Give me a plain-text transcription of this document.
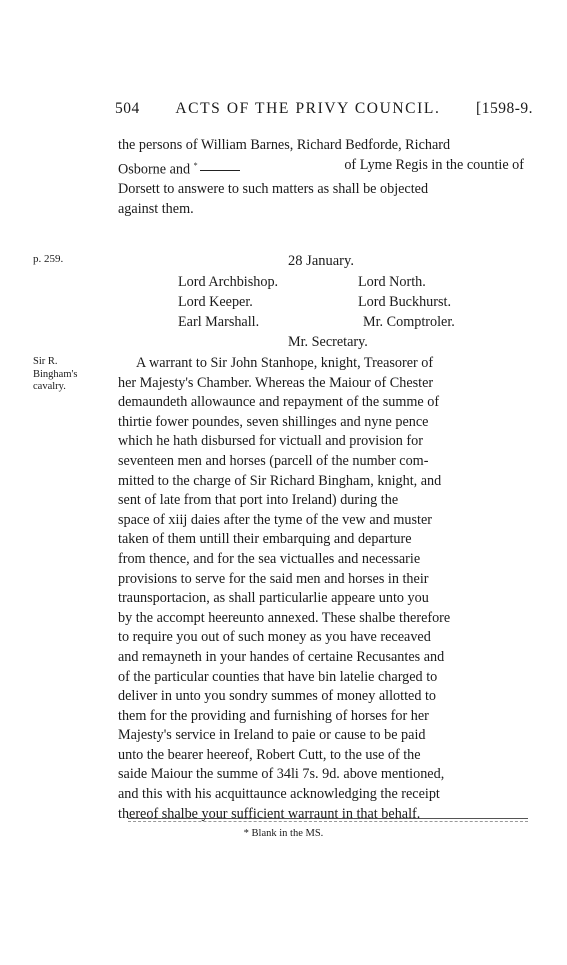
504 ACTS OF THE PRIVY COUNCIL. [1598-9.
the persons of William Barnes, Richard Bedforde, Richard
Osborne and *	of Lyme Regis in the countie of
Dorsett to answere to such matters as shall be objected
against them.
p. 259.	28 January.
Lord Archbishop.	Lord North.
Lord Keeper.	Lord Buckhurst.
Earl Marshall.	Mr. Comptroler.
Mr. Secretary.
Sir R.
Bingham's
cavalry.
A warrant to Sir John Stanhope, knight, Treasorer of
her Majesty's Chamber. Whereas the Maiour of Chester
demaundeth allowaunce and repayment of the summe of
thirtie fower poundes, seven shillinges and nyne pence
which he hath disbursed for victuall and provision for
seventeen men and horses (parcell of the number com-
mitted to the charge of Sir Richard Bingham, knight, and
sent of late from that port into Ireland) during the
space of xiij daies after the tyme of the vew and muster
taken of them untill their embarquing and departure
from thence, and for the sea victualles and necessarie
provisions to serve for the said men and horses in their
traunsportacion, as shall particularlie appeare unto you
by the accompt heereunto annexed. These shalbe therefore
to require you out of such money as you have receaved
and remayneth in your handes of certaine Recusantes and
of the particular counties that have bin latelie charged to
deliver in unto you sondry summes of money allotted to
them for the providing and furnishing of horses for her
Majesty's service in Ireland to paie or cause to be paid
unto the bearer heereof, Robert Cutt, to the use of the
saide Maiour the summe of 34li 7s. 9d. above mentioned,
and this with his acquittaunce acknowledging the receipt
thereof shalbe your sufficient warraunt in that behalf.
* Blank in the MS.
